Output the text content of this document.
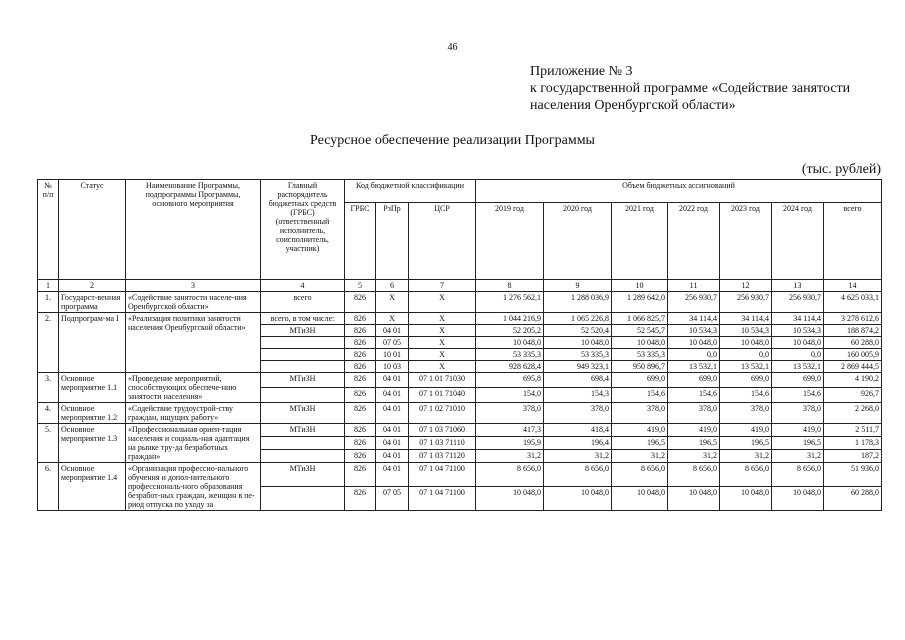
46
Приложение № 3
к государственной программе «Содействие занятости
населения Оренбургской области»
Ресурсное обеспечение реализации Программы
(тыс. рублей)
№ п/п	Статус	Наименование Программы, подпрограммы Программы, основного мероприятия	Главный распорядитель бюджетных средств (ГРБС) (ответственный исполнитель, соисполнитель, участник)	Код бюджетной классификации			Объем бюджетных ассигнований						
				ГРБС	РзПр	ЦСР	2019 год	2020 год	2021 год	2022 год	2023 год	2024 год	всего
1	2	3	4	5	6	7	8	9	10	11	12	13	14
1.	Государст-венная программа	«Содействие занятости населе-ния Оренбургской области»	всего	826	Х	Х	1 276 562,1	1 288 036,9	1 289 642,0	256 930,7	256 930,7	256 930,7	4 625 033,1
2.	Подпрограм-ма I	«Реализация политики занятости населения Оренбургской области»	всего, в том числе:	826	Х	Х	1 044 216,9	1 065 226,8	1 066 825,7	34 114,4	34 114,4	34 114,4	3 278 612,6
			МТиЗН	826	04 01	Х	52 205,2	52 520,4	52 545,7	10 534,3	10 534,3	10 534,3	188 874,2
				826	07 05	Х	10 048,0	10 048,0	10 048,0	10 048,0	10 048,0	10 048,0	60 288,0
				826	10 01	Х	53 335,3	53 335,3	53 335,3	0,0	0,0	0,0	160 005,9
				826	10 03	Х	928 628,4	949 323,1	950 896,7	13 532,1	13 532,1	13 532,1	2 869 444,5
3.	Основное мероприятие 1.1	«Проведение мероприятий, способствующих обеспече-нию занятости населения»	МТиЗН	826	04 01	07 1 01 71030	695,8	698,4	699,0	699,0	699,0	699,0	4 190,2
				826	04 01	07 1 01 71040	154,0	154,3	154,6	154,6	154,6	154,6	926,7
4.	Основное мероприятие 1.2	«Содействие трудоустрой-ству граждан, ищущих работу»	МТиЗН	826	04 01	07 1 02 71010	378,0	378,0	378,0	378,0	378,0	378,0	2 268,0
5.	Основное мероприятие 1.3	«Профессиональная ориен-тация населения и социаль-ная адаптация на рынке тру-да безработных граждан»	МТиЗН	826	04 01	07 1 03 71060	417,3	418,4	419,0	419,0	419,0	419,0	2 511,7
				826	04 01	07 1 03 71110	195,9	196,4	196,5	196,5	196,5	196,5	1 178,3
				826	04 01	07 1 03 71120	31,2	31,2	31,2	31,2	31,2	31,2	187,2
6.	Основное мероприятие 1.4	«Организация профессио-нального обучения и допол-нительного профессиональ-ного образования безработ-ных граждан, женщин в пе-риод отпуска по уходу за	МТиЗН	826	04 01	07 1 04 71100	8 656,0	8 656,0	8 656,0	8 656,0	8 656,0	8 656,0	51 936,0
				826	07 05	07 1 04 71100	10 048,0	10 048,0	10 048,0	10 048,0	10 048,0	10 048,0	60 288,0
